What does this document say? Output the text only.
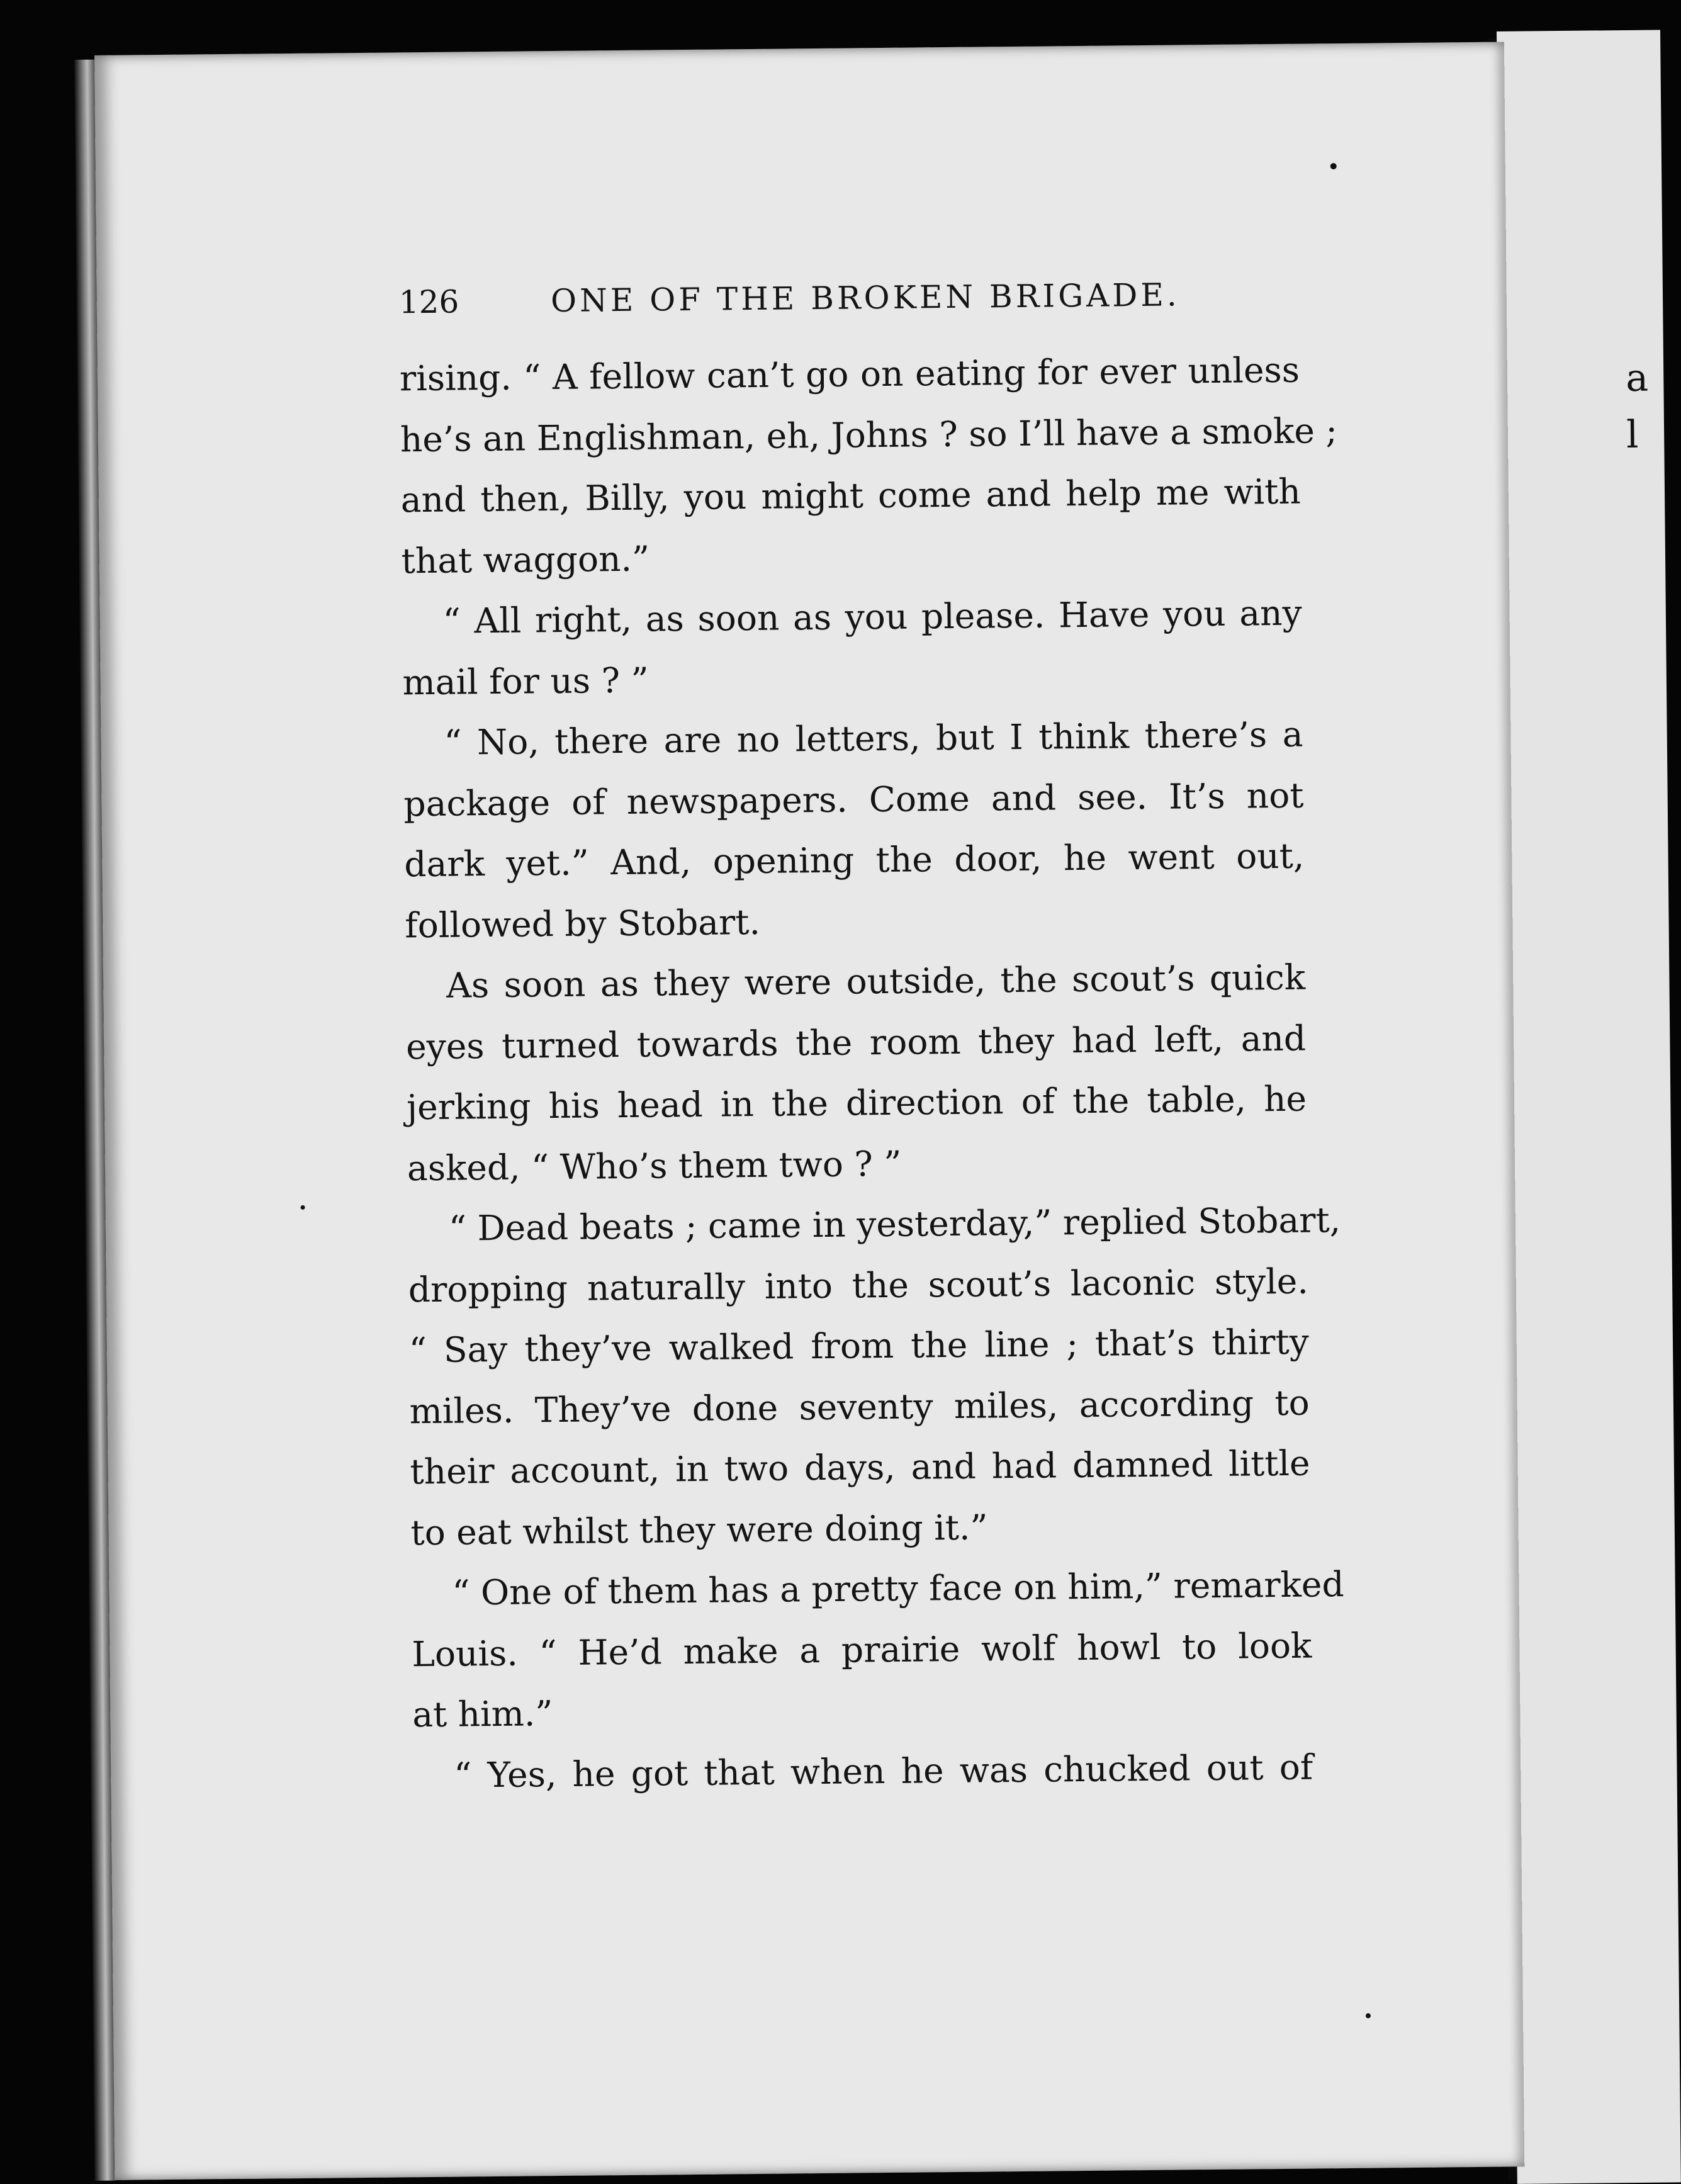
a
l
126	ONE OF THE BROKEN BRIGADE.
rising. “ A fellow can’t go on eating for ever unless
he’s an Englishman, eh, Johns ? so I’ll have a smoke ;
and then, Billy, you might come and help me with
that waggon.”
“ All right, as soon as you please. Have you any
mail for us ? ”
“ No, there are no letters, but I think there’s a
package of newspapers. Come and see. It’s not
dark yet.” And, opening the door, he went out,
followed by Stobart.
As soon as they were outside, the scout’s quick
eyes turned towards the room they had left, and
jerking his head in the direction of the table, he
asked, “ Who’s them two ? ”
“ Dead beats ; came in yesterday,” replied Stobart,
dropping naturally into the scout’s laconic style.
“ Say they’ve walked from the line ; that’s thirty
miles. They’ve done seventy miles, according to
their account, in two days, and had damned little
to eat whilst they were doing it.”
“ One of them has a pretty face on him,” remarked
Louis. “ He’d make a prairie wolf howl to look
at him.”
“ Yes, he got that when he was chucked out of
